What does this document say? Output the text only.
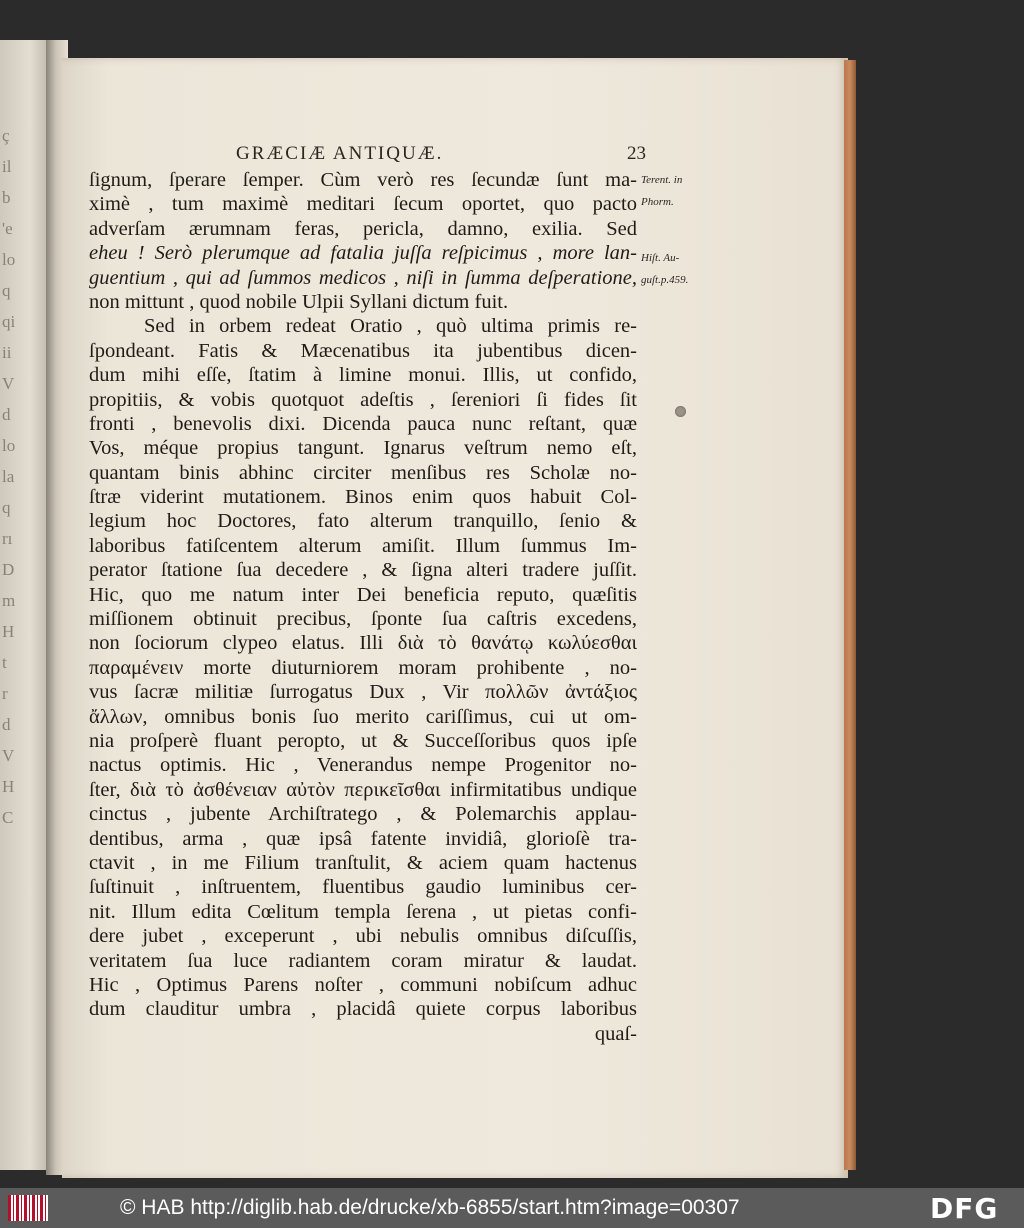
ç
il
b
'e
lo
q
qi
ii
V
d
lo
la
q
rı
D
m
H
t
r
d
V
H
C
GRÆCIÆ ANTIQUÆ.	23
Terent. in
Phorm.
Hiſt. Au-
guſt.p.459.
ſignum, ſperare ſemper. Cùm verò res ſecundæ ſunt ma-
ximè , tum maximè meditari ſecum oportet, quo pacto
adverſam ærumnam feras, pericla, damno, exilia. Sed
eheu ! Serò plerumque ad fatalia juſſa reſpicimus , more lan-
guentium , qui ad ſummos medicos , niſi in ſumma deſperatione,
non mittunt , quod nobile Ulpii Syllani dictum fuit.
Sed in orbem redeat Oratio , quò ultima primis re-
ſpondeant. Fatis & Mæcenatibus ita jubentibus dicen-
dum mihi eſſe, ſtatim à limine monui. Illis, ut confido,
propitiis, & vobis quotquot adeſtis , ſereniori ſi fides ſit
fronti , benevolis dixi. Dicenda pauca nunc reſtant, quæ
Vos, méque propius tangunt. Ignarus veſtrum nemo eſt,
quantam binis abhinc circiter menſibus res Scholæ no-
ſtræ viderint mutationem. Binos enim quos habuit Col-
legium hoc Doctores, fato alterum tranquillo, ſenio &
laboribus fatiſcentem alterum amiſit. Illum ſummus Im-
perator ſtatione ſua decedere , & ſigna alteri tradere juſſit.
Hic, quo me natum inter Dei beneficia reputo, quæſitis
miſſionem obtinuit precibus, ſponte ſua caſtris excedens,
non ſociorum clypeo elatus. Illi διὰ τὸ θανάτῳ κωλύεσθαι
παραμένειν morte diuturniorem moram prohibente , no-
vus ſacræ militiæ ſurrogatus Dux , Vir πολλῶν ἀντάξιος
ἄλλων, omnibus bonis ſuo merito cariſſimus, cui ut om-
nia proſperè fluant peropto, ut & Succeſſoribus quos ipſe
nactus optimis. Hic , Venerandus nempe Progenitor no-
ſter, διὰ τὸ ἀσθένειαν αὐτὸν περικεῖσθαι infirmitatibus undique
cinctus , jubente Archiſtratego , & Polemarchis applau-
dentibus, arma , quæ ipsâ fatente invidiâ, glorioſè tra-
ctavit , in me Filium tranſtulit, & aciem quam hactenus
ſuſtinuit , inſtruentem, fluentibus gaudio luminibus cer-
nit. Illum edita Cœlitum templa ſerena , ut pietas confi-
dere jubet , exceperunt , ubi nebulis omnibus diſcuſſis,
veritatem ſua luce radiantem coram miratur & laudat.
Hic , Optimus Parens noſter , communi nobiſcum adhuc
dum clauditur umbra , placidâ quiete corpus laboribus
quaſ-
© HAB http://diglib.hab.de/drucke/xb-6855/start.htm?image=00307	DFG
